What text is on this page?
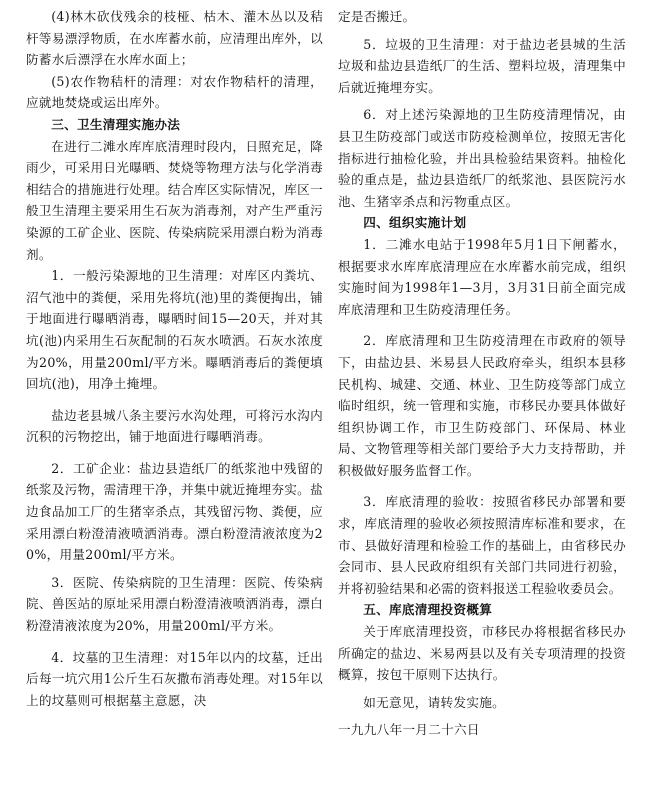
(4)林木砍伐残余的枝桠、枯木、灌木丛以及秸杆等易漂浮物质，在水库蓄水前，应清理出库外，以防蓄水后漂浮在水库水面上；

(5)农作物秸杆的清理：对农作物秸杆的清理，应就地焚烧或运出库外。

三、卫生清理实施办法

在进行二滩水库库底清理时段内，日照充足，降雨少，可采用日光曝晒、焚烧等物理方法与化学消毒相结合的措施进行处理。结合库区实际情况，库区一般卫生清理主要采用生石灰为消毒剂，对产生严重污染源的工矿企业、医院、传染病院采用漂白粉为消毒剂。

1．一般污染源地的卫生清理：对库区内粪坑、沼气池中的粪便，采用先将坑(池)里的粪便掏出，铺于地面进行曝晒消毒，曝晒时间15—20天，并对其坑(池)内采用生石灰配制的石灰水喷洒。石灰水浓度为20%，用量200ml/平方米。曝晒消毒后的粪便填回坑(池)，用净土掩埋。

盐边老县城八条主要污水沟处理，可将污水沟内沉积的污物挖出，铺于地面进行曝晒消毒。

2．工矿企业：盐边县造纸厂的纸浆池中残留的纸浆及污物，需清理干净，并集中就近掩埋夯实。盐边食品加工厂的生猪宰杀点，其残留污物、粪便，应采用漂白粉澄清液喷洒消毒。漂白粉澄清液浓度为20%，用量200ml/平方米。

3．医院、传染病院的卫生清理：医院、传染病院、兽医站的原址采用漂白粉澄清液喷洒消毒，漂白粉澄清液浓度为20%，用量200ml/平方米。

4．坟墓的卫生清理：对15年以内的坟墓，迁出后每一坑穴用1公斤生石灰撒布消毒处理。对15年以上的坟墓则可根据墓主意愿，决

定是否搬迁。

5．垃圾的卫生清理：对于盐边老县城的生活垃圾和盐边县造纸厂的生活、塑料垃圾，清理集中后就近掩埋夯实。

6．对上述污染源地的卫生防疫清理情况，由县卫生防疫部门或送市防疫检测单位，按照无害化指标进行抽检化验，并出具检验结果资料。抽检化验的重点是，盐边县造纸厂的纸浆池、县医院污水池、生猪宰杀点和污物重点区。

四、组织实施计划

1．二滩水电站于1998年5月1日下闸蓄水，根据要求水库库底清理应在水库蓄水前完成，组织实施时间为1998年1—3月，3月31日前全面完成库底清理和卫生防疫清理任务。

2．库底清理和卫生防疫清理在市政府的领导下，由盐边县、米易县人民政府牵头，组织本县移民机构、城建、交通、林业、卫生防疫等部门成立临时组织，统一管理和实施，市移民办要具体做好组织协调工作，市卫生防疫部门、环保局、林业局、文物管理等相关部门要给予大力支持帮助，并积极做好服务监督工作。

3．库底清理的验收：按照省移民办部署和要求，库底清理的验收必须按照清库标准和要求，在市、县做好清理和检验工作的基础上，由省移民办会同市、县人民政府组织有关部门共同进行初验，并将初验结果和必需的资料报送工程验收委员会。

五、库底清理投资概算

关于库底清理投资，市移民办将根据省移民办所确定的盐边、米易两县以及有关专项清理的投资概算，按包干原则下达执行。

如无意见，请转发实施。

一九九八年一月二十六日
